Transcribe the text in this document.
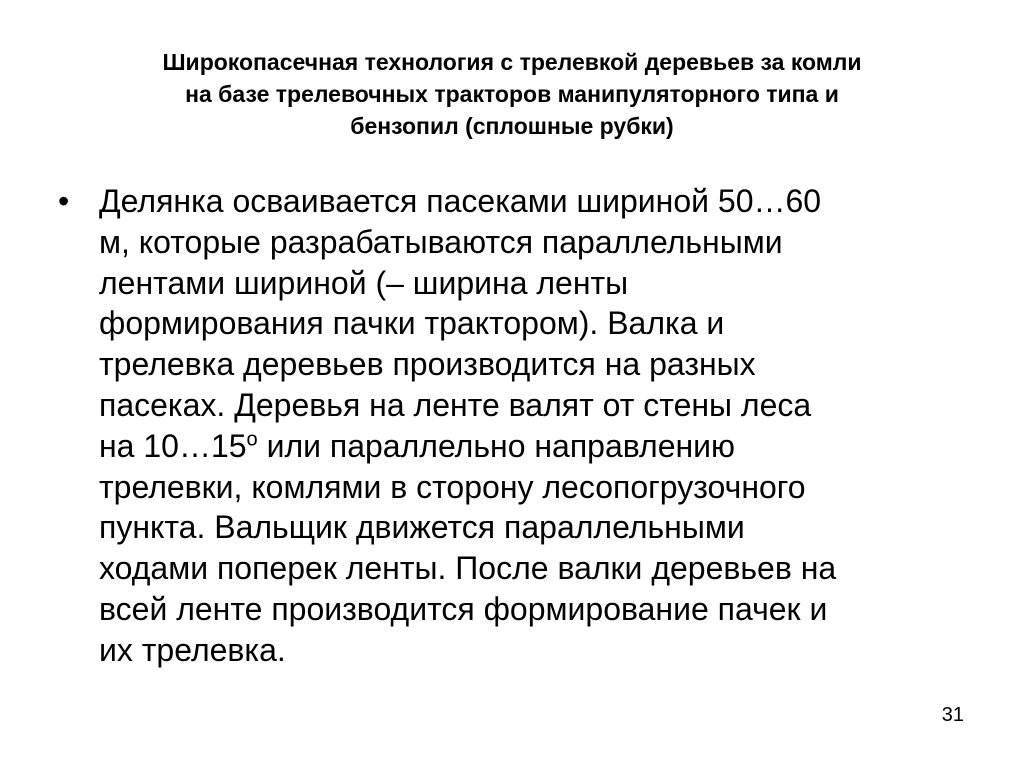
Широкопасечная технология с трелевкой деревьев за комли
на базе трелевочных тракторов манипуляторного типа и
бензопил (сплошные рубки)
• Делянка осваивается пасеками шириной 50…60
м, которые разрабатываются параллельными
лентами шириной (– ширина ленты
формирования пачки трактором). Валка и
трелевка деревьев производится на разных
пасеках. Деревья на ленте валят от стены леса
на $10\dots 15^о$ или параллельно направлению
трелевки, комлями в сторону лесопогрузочного
пункта. Вальщик движется параллельными
ходами поперек ленты. После валки деревьев на
всей ленте производится формирование пачек и
их трелевка.
31
